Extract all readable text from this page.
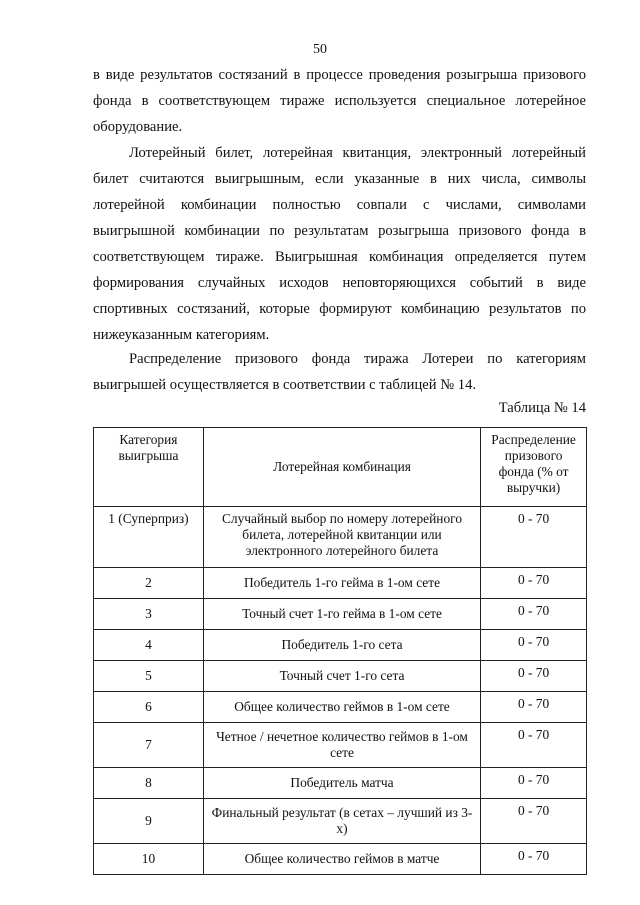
50

в виде результатов состязаний в процессе проведения розыгрыша призового фонда в соответствующем тираже используется специальное лотерейное оборудование.

Лотерейный билет, лотерейная квитанция, электронный лотерейный билет считаются выигрышным, если указанные в них числа, символы лотерейной комбинации полностью совпали с числами, символами выигрышной комбинации по результатам розыгрыша призового фонда в соответствующем тираже. Выигрышная комбинация определяется путем формирования случайных исходов неповторяющихся событий в виде спортивных состязаний, которые формируют комбинацию результатов по нижеуказанным категориям.

Распределение призового фонда тиража Лотереи по категориям выигрышей осуществляется в соответствии с таблицей № 14.

Таблица № 14
Категория выигрыша	Лотерейная комбинация	Распределение призового фонда (% от выручки)
1 (Суперприз)	Случайный выбор по номеру лотерейного билета, лотерейной квитанции или электронного лотерейного билета	0 - 70
2	Победитель 1-го гейма в 1-ом сете	0 - 70
3	Точный счет 1-го гейма в 1-ом сете	0 - 70
4	Победитель 1-го сета	0 - 70
5	Точный счет 1-го сета	0 - 70
6	Общее количество геймов в 1-ом сете	0 - 70
7	Четное / нечетное количество геймов в 1-ом сете	0 - 70
8	Победитель матча	0 - 70
9	Финальный результат (в сетах – лучший из 3-х)	0 - 70
10	Общее количество геймов в матче	0 - 70
